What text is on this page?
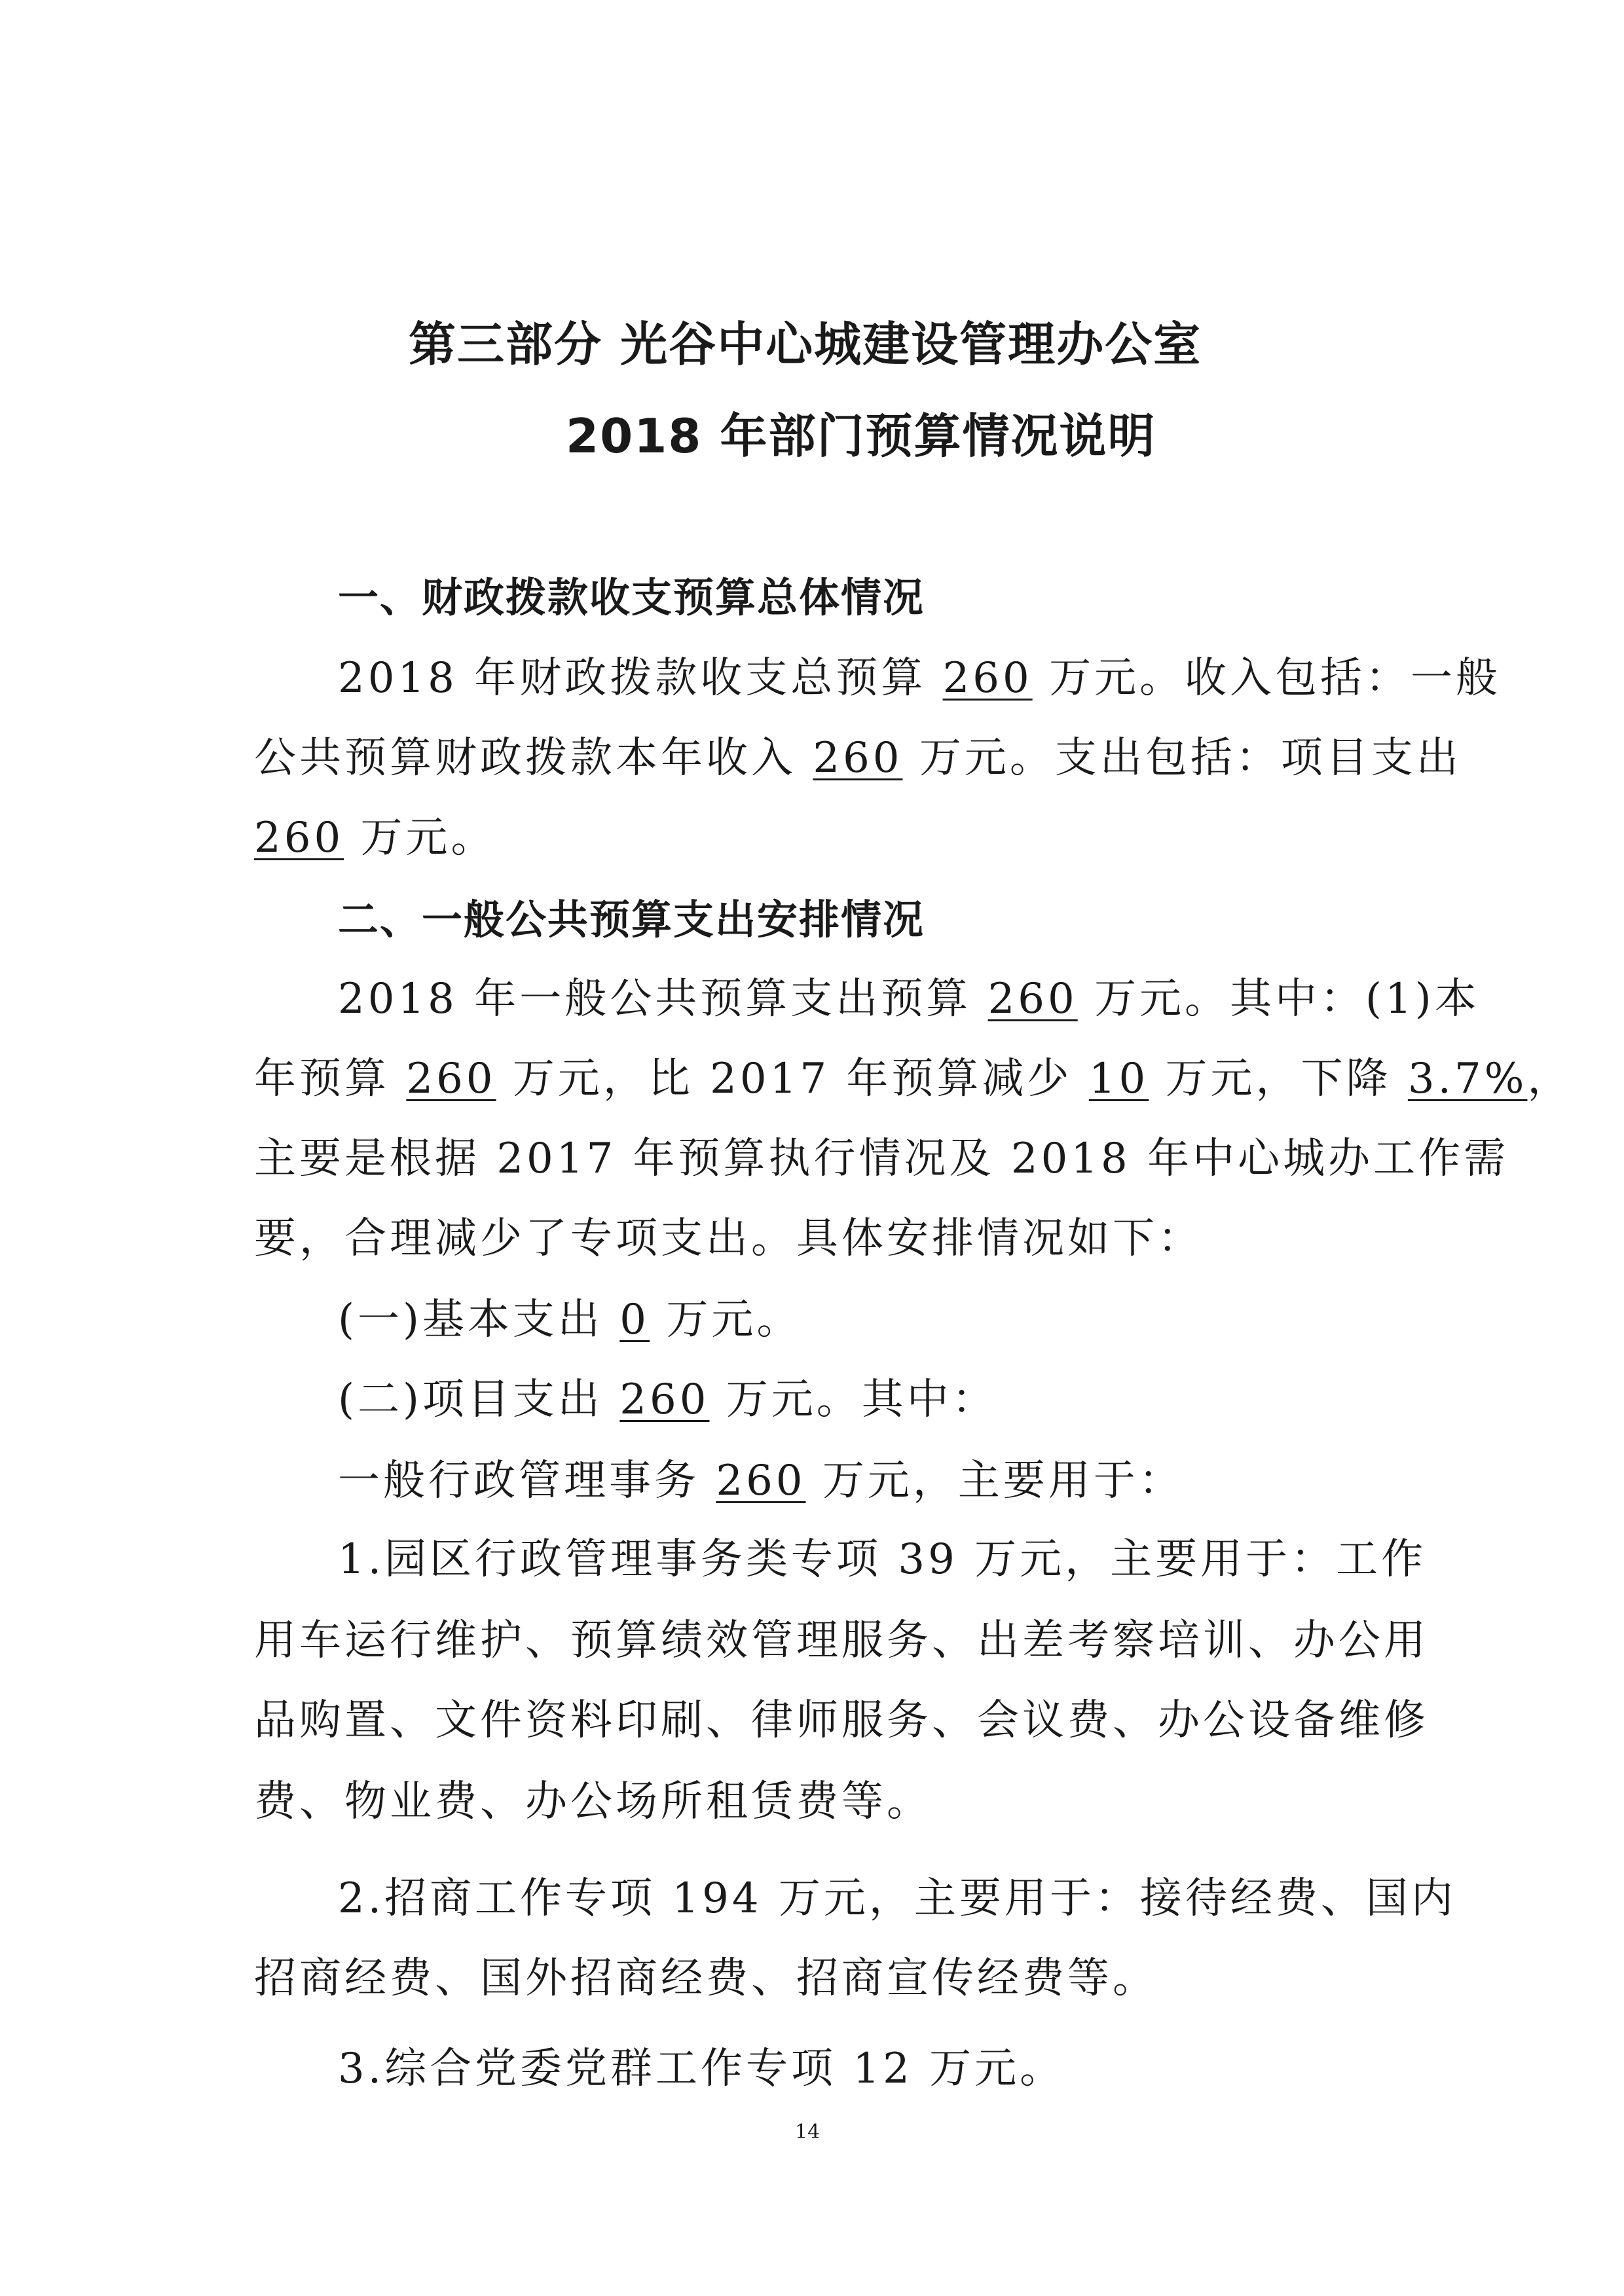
第三部分 光谷中心城建设管理办公室
2018 年部门预算情况说明
一、财政拨款收支预算总体情况
2018 年财政拨款收支总预算 260 万元。收入包括：一般
公共预算财政拨款本年收入 260 万元。支出包括：项目支出
260 万元。
二、一般公共预算支出安排情况
2018 年一般公共预算支出预算 260 万元。其中：(1)本
年预算 260 万元，比 2017 年预算减少 10 万元，下降 3.7%，
主要是根据 2017 年预算执行情况及 2018 年中心城办工作需
要，合理减少了专项支出。具体安排情况如下：
(一)基本支出 0 万元。
(二)项目支出 260 万元。其中：
一般行政管理事务 260 万元，主要用于：
1.园区行政管理事务类专项 39 万元，主要用于：工作
用车运行维护、预算绩效管理服务、出差考察培训、办公用
品购置、文件资料印刷、律师服务、会议费、办公设备维修
费、物业费、办公场所租赁费等。
2.招商工作专项 194 万元，主要用于：接待经费、国内
招商经费、国外招商经费、招商宣传经费等。
3.综合党委党群工作专项 12 万元。
14
